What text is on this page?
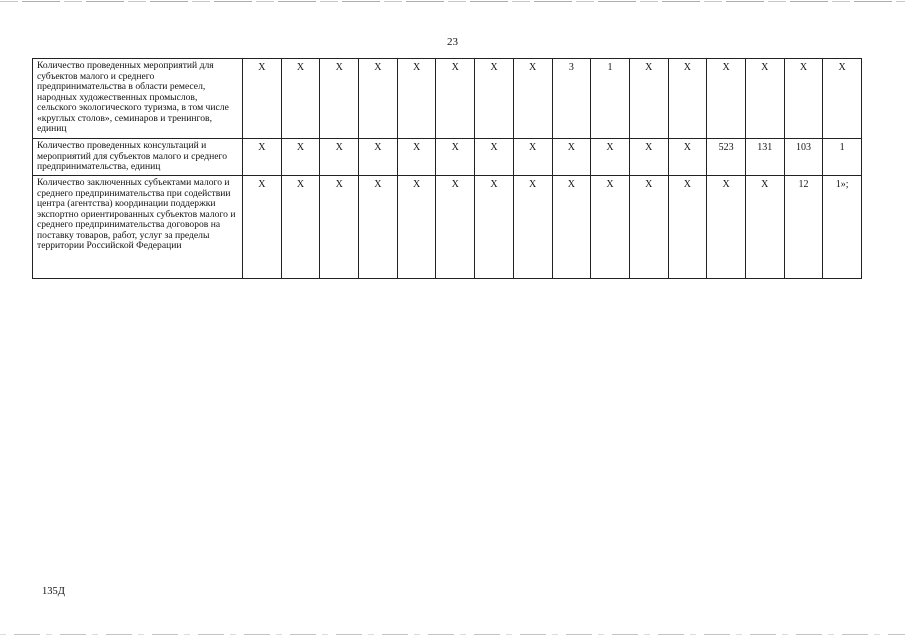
23
Количество проведенных мероприятий для субъектов малого и среднего предпринимательства в области ремесел, народных художественных промыслов, сельского экологического туризма, в том числе «круглых столов», семинаров и тренингов, единиц	X	X	X	X	X	X	X	X	3	1	X	X	X	X	X	X
Количество проведенных консультаций и мероприятий для субъектов малого и среднего предпринимательства, единиц	X	X	X	X	X	X	X	X	X	X	X	X	523	131	103	1
Количество заключенных субъектами малого и среднего предпринимательства при содействии центра (агентства) координации поддержки экспортно ориентированных субъектов малого и среднего предпринимательства договоров на поставку товаров, работ, услуг за пределы территории Российской Федерации	X	X	X	X	X	X	X	X	X	X	X	X	X	X	12	1»;
135Д
